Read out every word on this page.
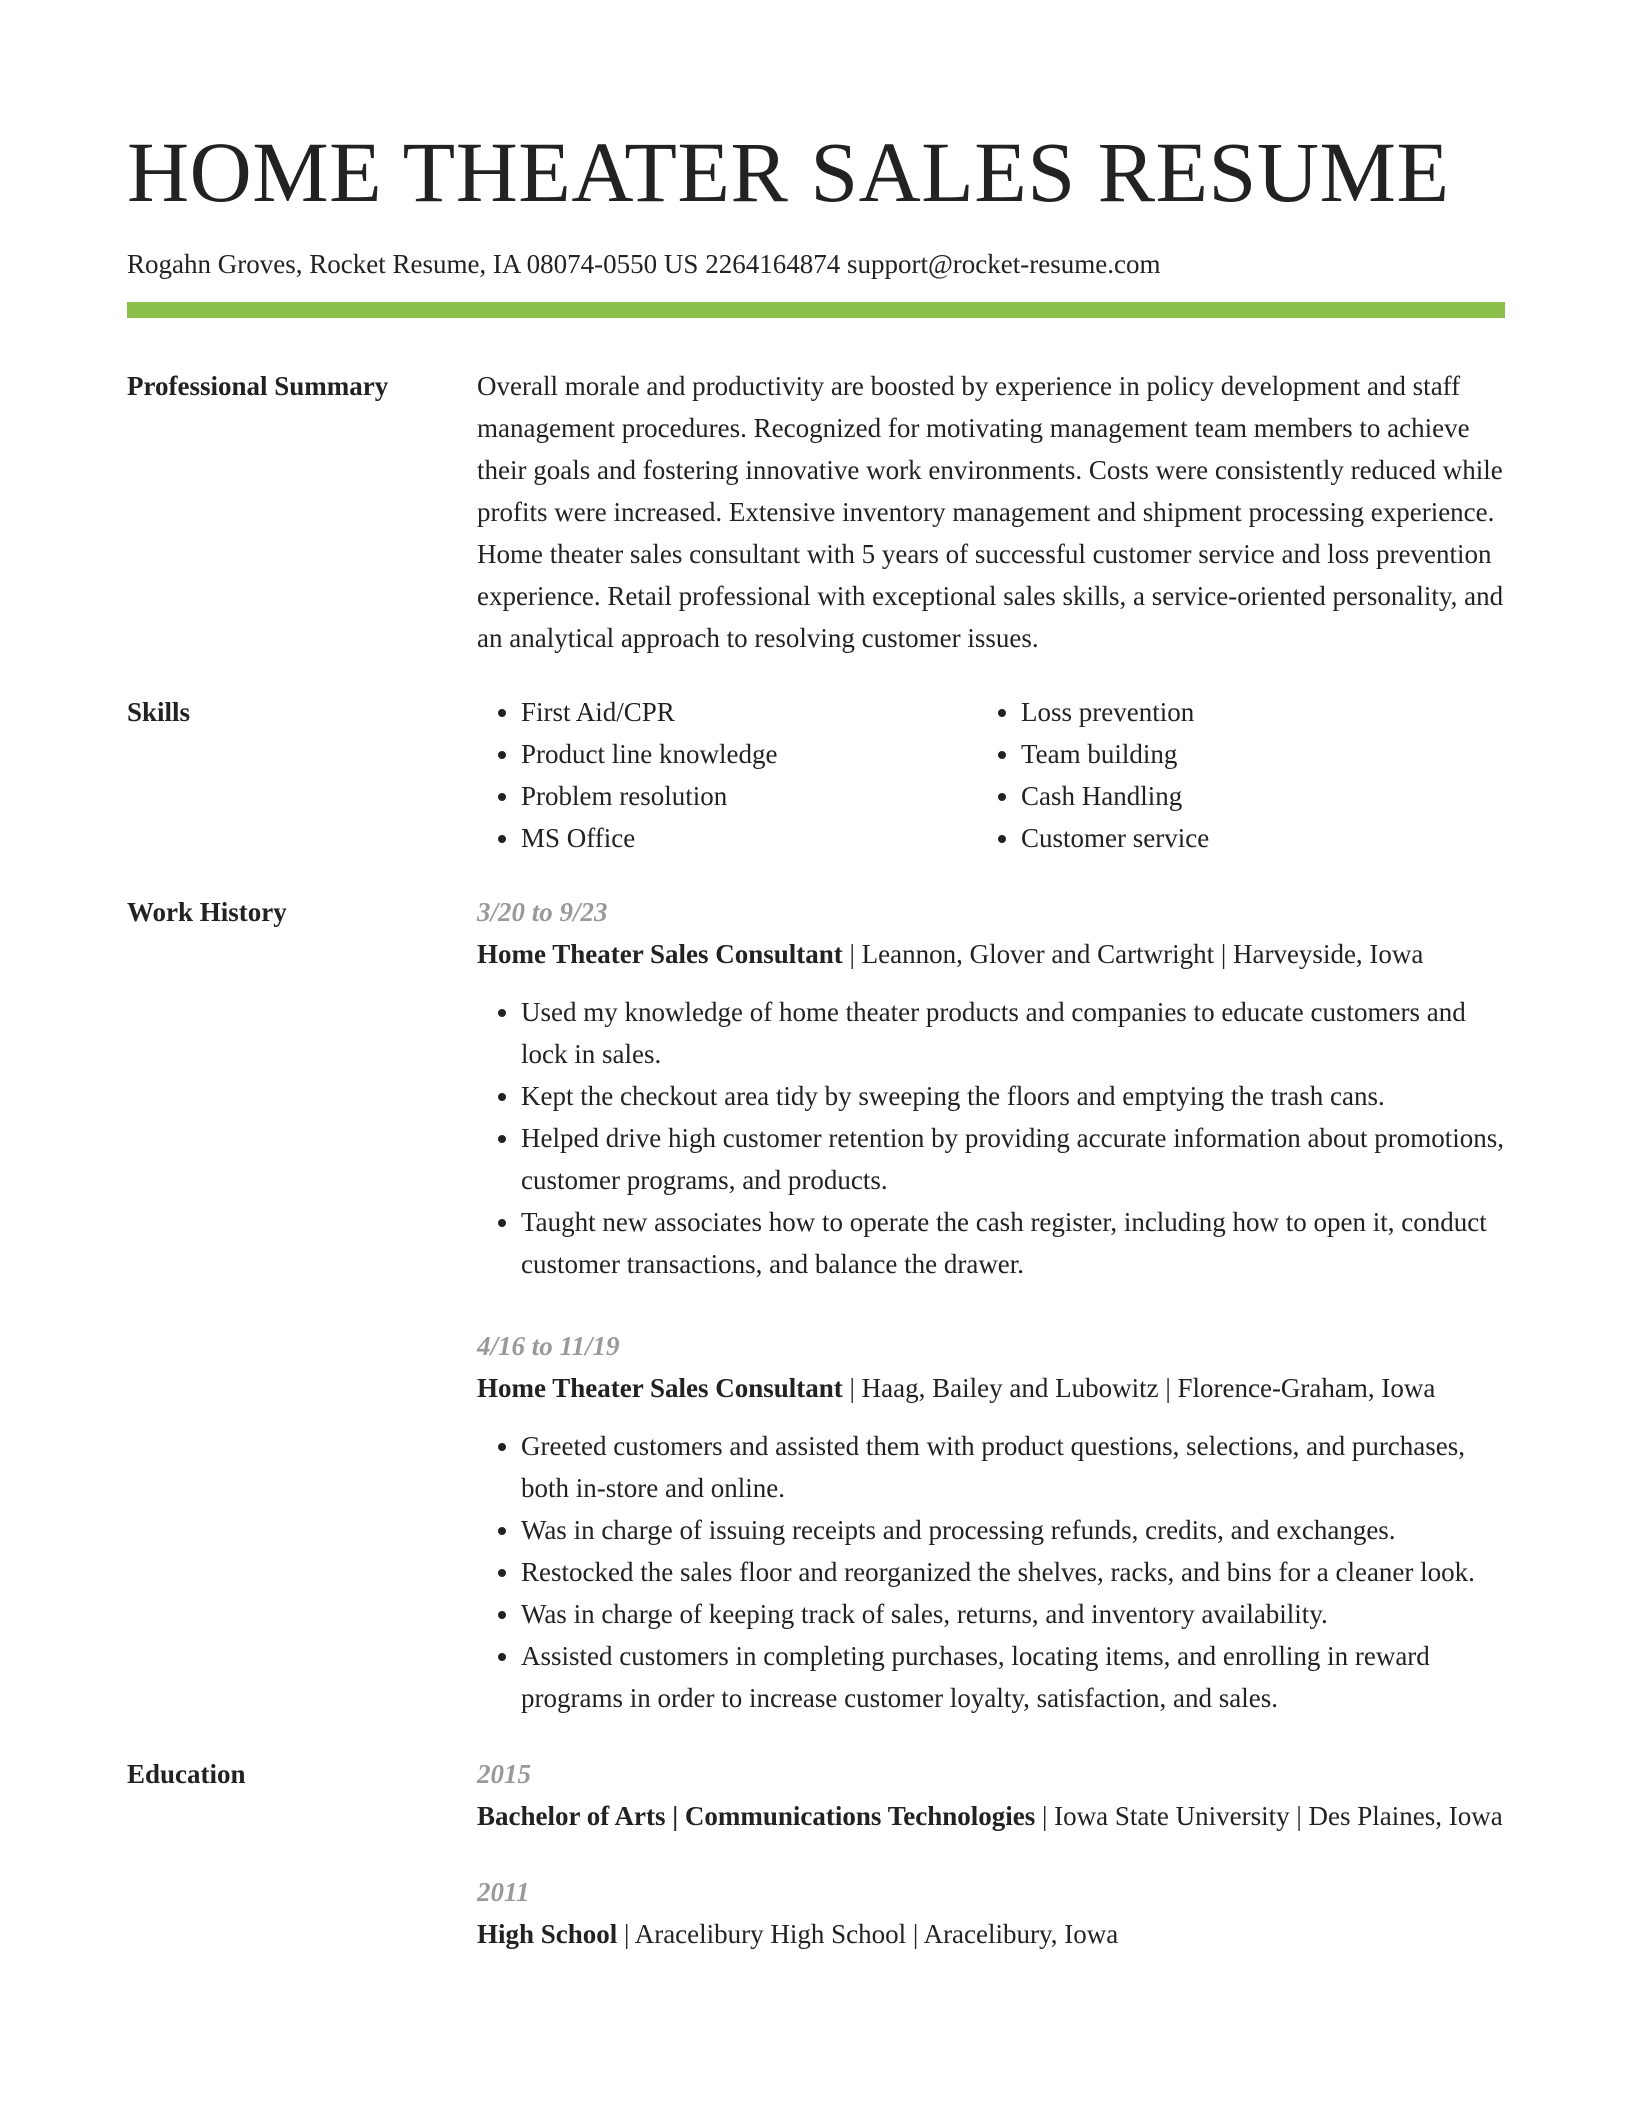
HOME THEATER SALES RESUME
Rogahn Groves, Rocket Resume, IA 08074-0550 US 2264164874 support@rocket-resume.com
Professional Summary	Overall morale and productivity are boosted by experience in policy development and staff management procedures. Recognized for motivating management team members to achieve their goals and fostering innovative work environments. Costs were consistently reduced while profits were increased. Extensive inventory management and shipment processing experience. Home theater sales consultant with 5 years of successful customer service and loss prevention experience. Retail professional with exceptional sales skills, a service-oriented personality, and an analytical approach to resolving customer issues.
Skills
•	First Aid/CPR
• Product line knowledge
• Problem resolution
• MS Office
• Loss prevention
• Team building
• Cash Handling
• Customer service
Work History	3/20 to 9/23
Home Theater Sales Consultant | Leannon, Glover and Cartwright | Harveyside, Iowa
• Used my knowledge of home theater products and companies to educate customers and lock in sales.
• Kept the checkout area tidy by sweeping the floors and emptying the trash cans.
• Helped drive high customer retention by providing accurate information about promotions, customer programs, and products.
• Taught new associates how to operate the cash register, including how to open it, conduct customer transactions, and balance the drawer.
4/16 to 11/19
Home Theater Sales Consultant | Haag, Bailey and Lubowitz | Florence-Graham, Iowa
• Greeted customers and assisted them with product questions, selections, and purchases, both in-store and online.
• Was in charge of issuing receipts and processing refunds, credits, and exchanges.
• Restocked the sales floor and reorganized the shelves, racks, and bins for a cleaner look.
• Was in charge of keeping track of sales, returns, and inventory availability.
• Assisted customers in completing purchases, locating items, and enrolling in reward programs in order to increase customer loyalty, satisfaction, and sales.
Education	2015
Bachelor of Arts | Communications Technologies | Iowa State University | Des Plaines, Iowa
2011
High School | Aracelibury High School | Aracelibury, Iowa
